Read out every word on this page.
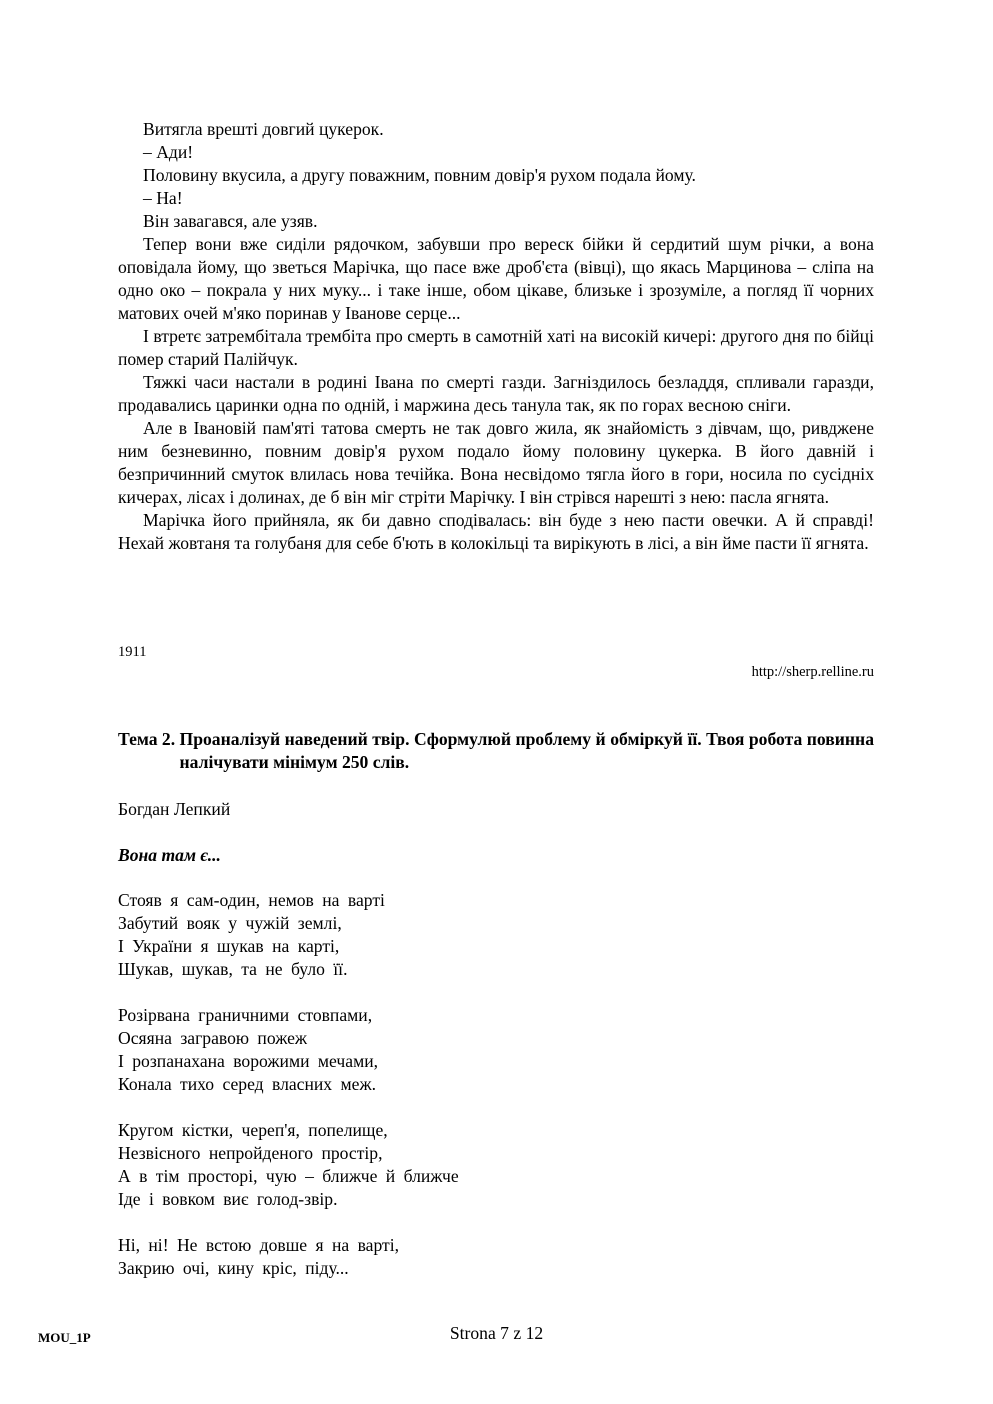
Витягла врешті довгий цукерок.

– Ади!

Половину вкусила, а другу поважним, повним довір'я рухом подала йому.

– На!

Він завагався, але узяв.

Тепер вони вже сиділи рядочком, забувши про вереск бійки й сердитий шум річки, а вона оповідала йому, що зветься Марічка, що пасе вже дроб'єта (вівці), що якась Марцинова – сліпа на одно око – покрала у них муку... і таке інше, обом цікаве, близьке і зрозуміле, а погляд її чорних матових очей м'яко поринав у Іванове серце...

І втретє затрембітала трембіта про смерть в самотній хаті на високій кичері: другого дня по бійці помер старий Палійчук.

Тяжкі часи настали в родині Івана по смерті газди. Загніздилось безладдя, спливали гаразди, продавались царинки одна по одній, і маржина десь танула так, як по горах весною сніги.

Але в Івановій пам'яті татова смерть не так довго жила, як знайомість з дівчам, що, ривджене ним безневинно, повним довір'я рухом подало йому половину цукерка. В його давній і безпричинний смуток влилась нова течійка. Вона несвідомо тягла його в гори, носила по сусідніх кичерах, лісах і долинах, де б він міг стріти Марічку. І він стрівся нарешті з нею: пасла ягнята.

Марічка його прийняла, як би давно сподівалась: він буде з нею пасти овечки. А й справді! Нехай жовтаня та голубаня для себе б'ють в колокільці та вирікують в лісі, а він йме пасти її ягнята.

1911
http://sherp.relline.ru
Тема 2. Проаналізуй наведений твір. Сформулюй проблему й обміркуй її. Твоя робота повинна налічувати мінімум 250 слів.
Богдан Лепкий
Вона там є...
Стояв я сам-один, немов на варті
Забутий вояк у чужій землі,
І України я шукав на карті,
Шукав, шукав, та не було її.
Розірвана граничними стовпами,
Осяяна загравою пожеж
І розпанахана ворожими мечами,
Конала тихо серед власних меж.
Кругом кістки, череп'я, попелище,
Незвісного непройденого простір,
А в тім просторі, чую – ближче й ближче
Іде і вовком виє голод-звір.
Ні, ні! Не встою довше я на варті,
Закрию очі, кину кріс, піду...
MOU_1P	Strona 7 z 12
